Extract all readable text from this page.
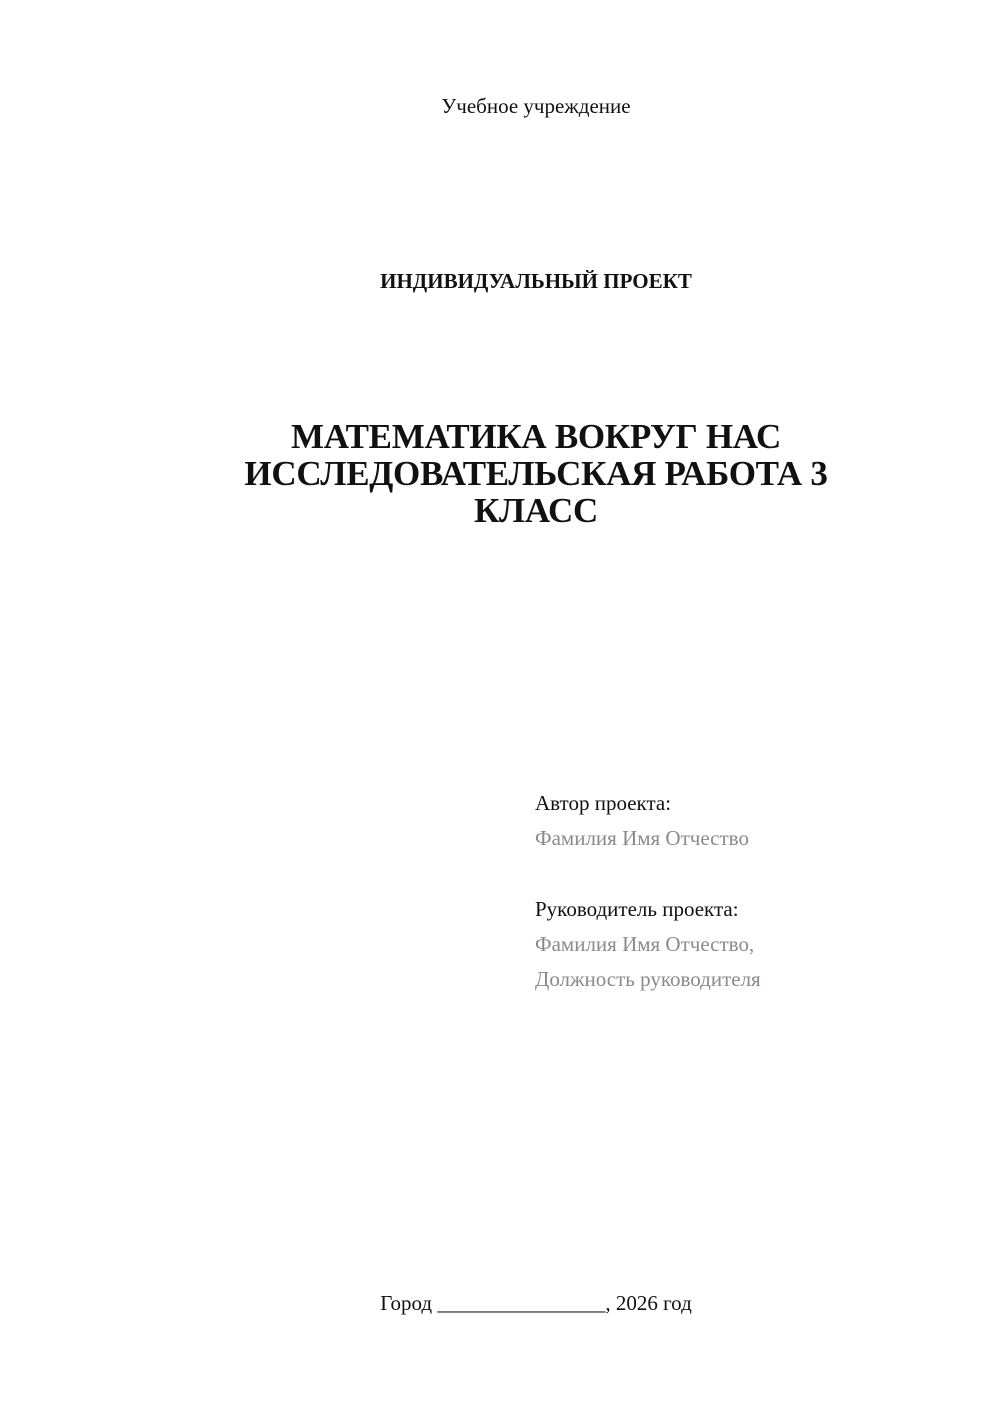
Учебное учреждение
ИНДИВИДУАЛЬНЫЙ ПРОЕКТ
МАТЕМАТИКА ВОКРУГ НАС
ИССЛЕДОВАТЕЛЬСКАЯ РАБОТА 3
КЛАСС
Автор проекта:
Фамилия Имя Отчество
Руководитель проекта:
Фамилия Имя Отчество,
Должность руководителя
Город ________________, 2026 год
